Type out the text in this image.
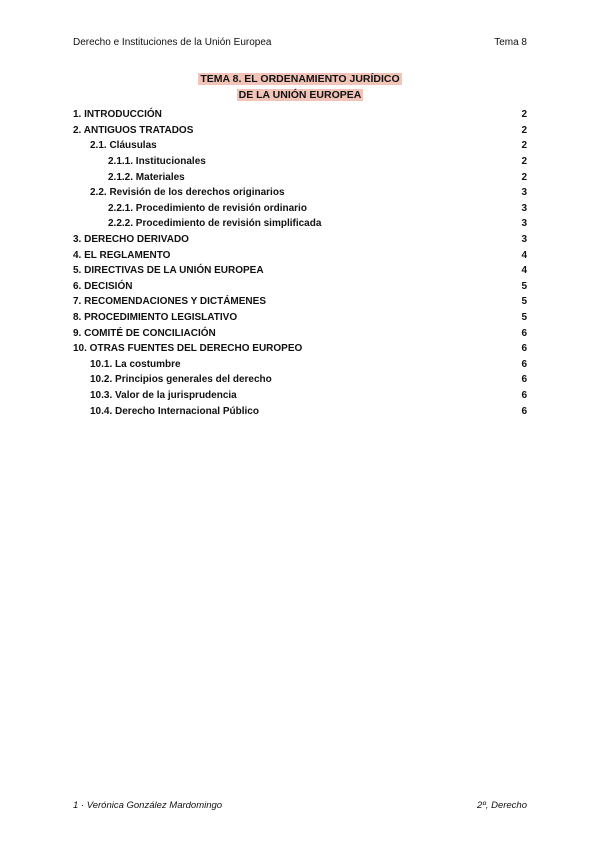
Derecho e Instituciones de la Unión Europea	Tema 8
TEMA 8. EL ORDENAMIENTO JURÍDICO
DE LA UNIÓN EUROPEA
1. INTRODUCCIÓN	2
2. ANTIGUOS TRATADOS	2
2.1. Cláusulas	2
2.1.1. Institucionales	2
2.1.2. Materiales	2
2.2. Revisión de los derechos originarios	3
2.2.1. Procedimiento de revisión ordinario	3
2.2.2. Procedimiento de revisión simplificada	3
3. DERECHO DERIVADO	3
4. EL REGLAMENTO	4
5. DIRECTIVAS DE LA UNIÓN EUROPEA	4
6. DECISIÓN	5
7. RECOMENDACIONES Y DICTÁMENES	5
8. PROCEDIMIENTO LEGISLATIVO	5
9. COMITÉ DE CONCILIACIÓN	6
10. OTRAS FUENTES DEL DERECHO EUROPEO	6
10.1. La costumbre	6
10.2. Principios generales del derecho	6
10.3. Valor de la jurisprudencia	6
10.4. Derecho Internacional Público	6
1 · Verónica González Mardomingo	2º, Derecho
